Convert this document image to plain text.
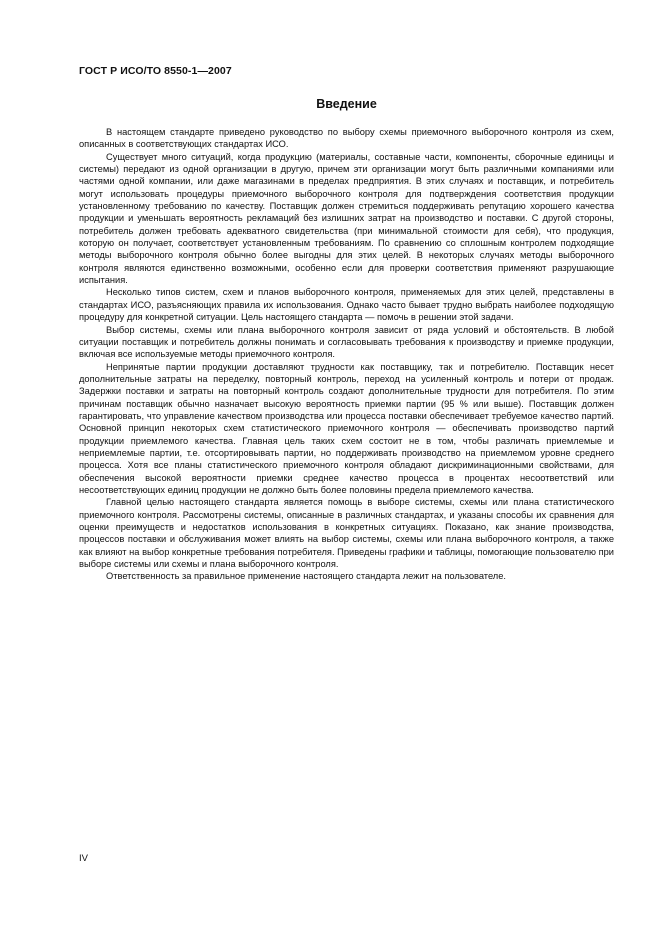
ГОСТ Р ИСО/ТО 8550-1—2007
Введение

В настоящем стандарте приведено руководство по выбору схемы приемочного выборочного контроля из схем, описанных в соответствующих стандартах ИСО.

Существует много ситуаций, когда продукцию (материалы, составные части, компоненты, сборочные единицы и системы) передают из одной организации в другую, причем эти организации могут быть различными компаниями или частями одной компании, или даже магазинами в пределах предприятия. В этих случаях и поставщик, и потребитель могут использовать процедуры приемочного выборочного контроля для подтверждения соответствия продукции установленному требованию по качеству. Поставщик должен стремиться поддерживать репутацию хорошего качества продукции и уменьшать вероятность рекламаций без излишних затрат на производство и поставки. С другой стороны, потребитель должен требовать адекватного свидетельства (при минимальной стоимости для себя), что продукция, которую он получает, соответствует установленным требованиям. По сравнению со сплошным контролем подходящие методы выборочного контроля обычно более выгодны для этих целей. В некоторых случаях методы выборочного контроля являются единственно возможными, особенно если для проверки соответствия применяют разрушающие испытания.

Несколько типов систем, схем и планов выборочного контроля, применяемых для этих целей, представлены в стандартах ИСО, разъясняющих правила их использования. Однако часто бывает трудно выбрать наиболее подходящую процедуру для конкретной ситуации. Цель настоящего стандарта — помочь в решении этой задачи.

Выбор системы, схемы или плана выборочного контроля зависит от ряда условий и обстоятельств. В любой ситуации поставщик и потребитель должны понимать и согласовывать требования к производству и приемке продукции, включая все используемые методы приемочного контроля.

Непринятые партии продукции доставляют трудности как поставщику, так и потребителю. Поставщик несет дополнительные затраты на переделку, повторный контроль, переход на усиленный контроль и потери от продаж. Задержки поставки и затраты на повторный контроль создают дополнительные трудности для потребителя. По этим причинам поставщик обычно назначает высокую вероятность приемки партии (95 % или выше). Поставщик должен гарантировать, что управление качеством производства или процесса поставки обеспечивает требуемое качество партий. Основной принцип некоторых схем статистического приемочного контроля — обеспечивать производство партий продукции приемлемого качества. Главная цель таких схем состоит не в том, чтобы различать приемлемые и неприемлемые партии, т.е. отсортировывать партии, но поддерживать производство на приемлемом уровне среднего процесса. Хотя все планы статистического приемочного контроля обладают дискриминационными свойствами, для обеспечения высокой вероятности приемки среднее качество процесса в процентах несоответствий или несоответствующих единиц продукции не должно быть более половины предела приемлемого качества.

Главной целью настоящего стандарта является помощь в выборе системы, схемы или плана статистического приемочного контроля. Рассмотрены системы, описанные в различных стандартах, и указаны способы их сравнения для оценки преимуществ и недостатков использования в конкретных ситуациях. Показано, как знание производства, процессов поставки и обслуживания может влиять на выбор системы, схемы или плана выборочного контроля, а также как влияют на выбор конкретные требования потребителя. Приведены графики и таблицы, помогающие пользователю при выборе системы или схемы и плана выборочного контроля.

Ответственность за правильное применение настоящего стандарта лежит на пользователе.

IV
